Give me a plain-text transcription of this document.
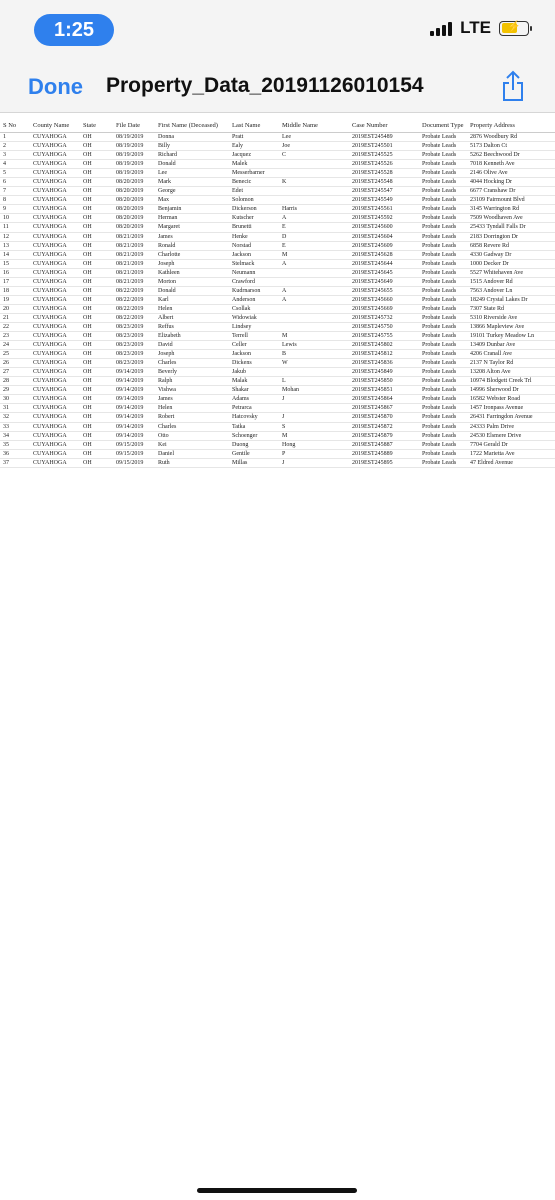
1:25	LTE	⚡
Done Property_Data_20191126010154
S No	County Name	State	File Date	First Name (Deceased)	Last Name	Middle Name	Case Number	Document Type	Property Address
1	CUYAHOGA	OH	08/19/2019	Donna	Pratt	Lee	2019EST245489	Probate Leads	2876 Woodbury Rd
2	CUYAHOGA	OH	08/19/2019	Billy	Ealy	Joe	2019EST245501	Probate Leads	5173 Dalton Ct
3	CUYAHOGA	OH	08/19/2019	Richard	Jacquez	C	2019EST245525	Probate Leads	5262 Beechwood Dr
4	CUYAHOGA	OH	08/19/2019	Donald	Malek		2019EST245526	Probate Leads	7018 Kenneth Ave
5	CUYAHOGA	OH	08/19/2019	Lee	Messerbarner		2019EST245528	Probate Leads	2146 Olive Ave
6	CUYAHOGA	OH	08/20/2019	Mark	Benecic	K	2019EST245548	Probate Leads	4044 Hocking Dr
7	CUYAHOGA	OH	08/20/2019	George	Edet		2019EST245547	Probate Leads	6677 Cranshaw Dr
8	CUYAHOGA	OH	08/20/2019	Max	Solomon		2019EST245549	Probate Leads	23109 Fairmount Blvd
9	CUYAHOGA	OH	08/20/2019	Benjamin	Dickerson	Harris	2019EST245561	Probate Leads	3145 Warrington Rd
10	CUYAHOGA	OH	08/20/2019	Herman	Kutscher	A	2019EST245592	Probate Leads	7509 Woodhaven Ave
11	CUYAHOGA	OH	08/20/2019	Margaret	Brunetti	E	2019EST245600	Probate Leads	25433 Tyndall Falls Dr
12	CUYAHOGA	OH	08/21/2019	James	Henke	D	2019EST245604	Probate Leads	2183 Dorrington Dr
13	CUYAHOGA	OH	08/21/2019	Ronald	Norstad	E	2019EST245609	Probate Leads	6858 Revere Rd
14	CUYAHOGA	OH	08/21/2019	Charlotte	Jackson	M	2019EST245628	Probate Leads	4330 Gadway Dr
15	CUYAHOGA	OH	08/21/2019	Joseph	Stelmack	A	2019EST245644	Probate Leads	1000 Decker Dr
16	CUYAHOGA	OH	08/21/2019	Kathleen	Neumann		2019EST245645	Probate Leads	5527 Whitehaven Ave
17	CUYAHOGA	OH	08/21/2019	Morton	Crawford		2019EST245649	Probate Leads	1515 Andover Rd
18	CUYAHOGA	OH	08/22/2019	Donald	Kudrnarson	A	2019EST245655	Probate Leads	7563 Andover Ln
19	CUYAHOGA	OH	08/22/2019	Karl	Anderson	A	2019EST245660	Probate Leads	18249 Crystal Lakes Dr
20	CUYAHOGA	OH	08/22/2019	Helen	Csollak		2019EST245669	Probate Leads	7307 State Rd
21	CUYAHOGA	OH	08/22/2019	Albert	Widowiak		2019EST245732	Probate Leads	5310 Riverside Ave
22	CUYAHOGA	OH	08/23/2019	Reffus	Lindsey		2019EST245750	Probate Leads	13866 Mapleview Ave
23	CUYAHOGA	OH	08/23/2019	Elizabeth	Terrell	M	2019EST245755	Probate Leads	19101 Turkey Meadow Ln
24	CUYAHOGA	OH	08/23/2019	David	Celler	Lewis	2019EST245802	Probate Leads	13409 Dunbar Ave
25	CUYAHOGA	OH	08/23/2019	Joseph	Jackson	B	2019EST245812	Probate Leads	4206 Cranall Ave
26	CUYAHOGA	OH	08/23/2019	Charles	Dickens	W	2019EST245836	Probate Leads	2137 N Taylor Rd
27	CUYAHOGA	OH	09/14/2019	Beverly	Jakub		2019EST245849	Probate Leads	13208 Alton Ave
28	CUYAHOGA	OH	09/14/2019	Ralph	Malak	L	2019EST245850	Probate Leads	10974 Blodgett Creek Trl
29	CUYAHOGA	OH	09/14/2019	Vishwa	Shakar	Mohan	2019EST245851	Probate Leads	14996 Sherwood Dr
30	CUYAHOGA	OH	09/14/2019	James	Adams	J	2019EST245864	Probate Leads	16582 Webster Road
31	CUYAHOGA	OH	09/14/2019	Helen	Petrarca		2019EST245867	Probate Leads	1457 Ironpass Avenue
32	CUYAHOGA	OH	09/14/2019	Robert	Hatcovsky	J	2019EST245870	Probate Leads	26431 Farringdon Avenue
33	CUYAHOGA	OH	09/14/2019	Charles	Tatka	S	2019EST245872	Probate Leads	24333 Palm Drive
34	CUYAHOGA	OH	09/14/2019	Otto	Schoenger	M	2019EST245879	Probate Leads	24530 Elsmere Drive
35	CUYAHOGA	OH	09/15/2019	Kei	Duong	Hong	2019EST245887	Probate Leads	7704 Gerald Dr
36	CUYAHOGA	OH	09/15/2019	Daniel	Gentile	P	2019EST245889	Probate Leads	1722 Marietta Ave
37	CUYAHOGA	OH	09/15/2019	Ruth	Millas	J	2019EST245895	Probate Leads	47 Eldred Avenue
